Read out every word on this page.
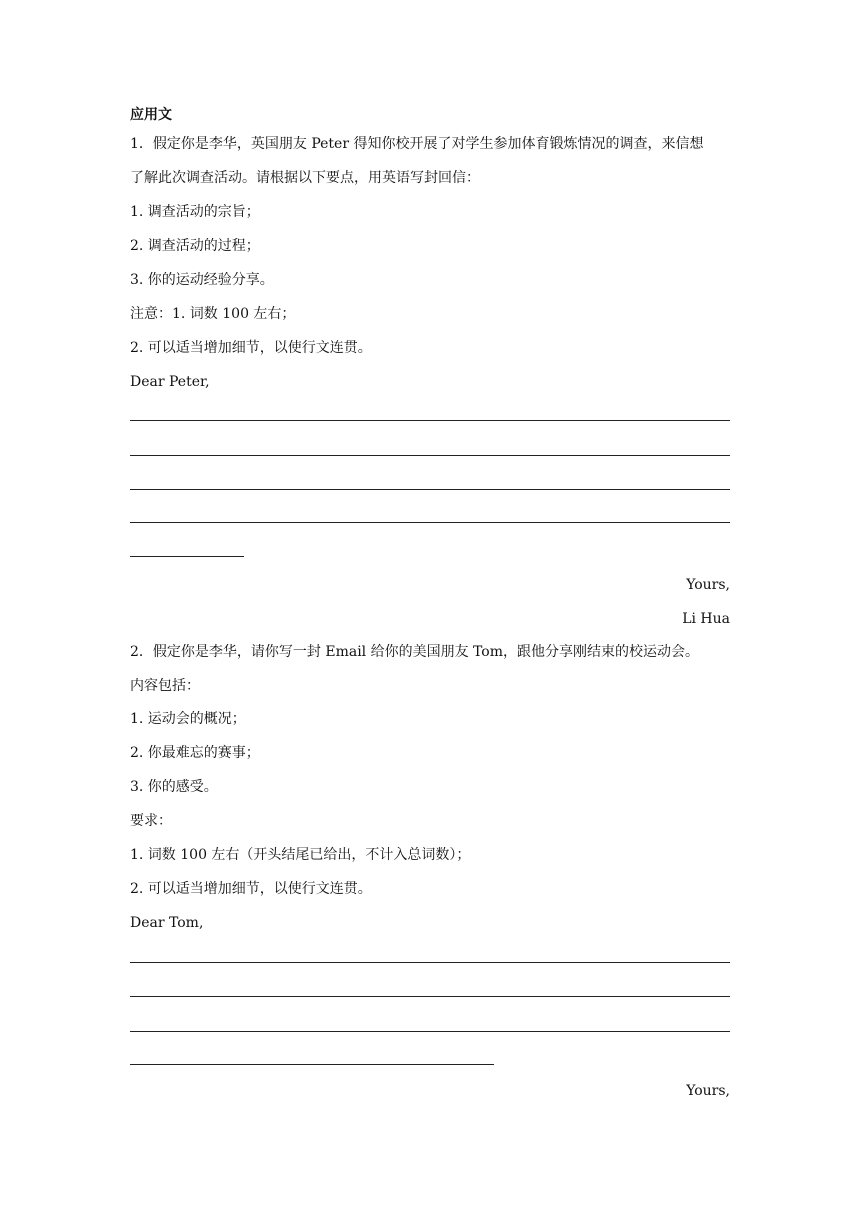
应用文
1．假定你是李华，英国朋友 Peter 得知你校开展了对学生参加体育锻炼情况的调查，来信想
了解此次调查活动。请根据以下要点，用英语写封回信：
1. 调查活动的宗旨；
2. 调查活动的过程；
3. 你的运动经验分享。
注意：1. 词数 100 左右；
2. 可以适当增加细节，以使行文连贯。
Dear Peter,
Yours,
Li Hua
2．假定你是李华，请你写一封 Email 给你的美国朋友 Tom，跟他分享刚结束的校运动会。
内容包括：
1. 运动会的概况；
2. 你最难忘的赛事；
3. 你的感受。
要求：
1. 词数 100 左右（开头结尾已给出，不计入总词数）；
2. 可以适当增加细节，以使行文连贯。
Dear Tom,
Yours,
